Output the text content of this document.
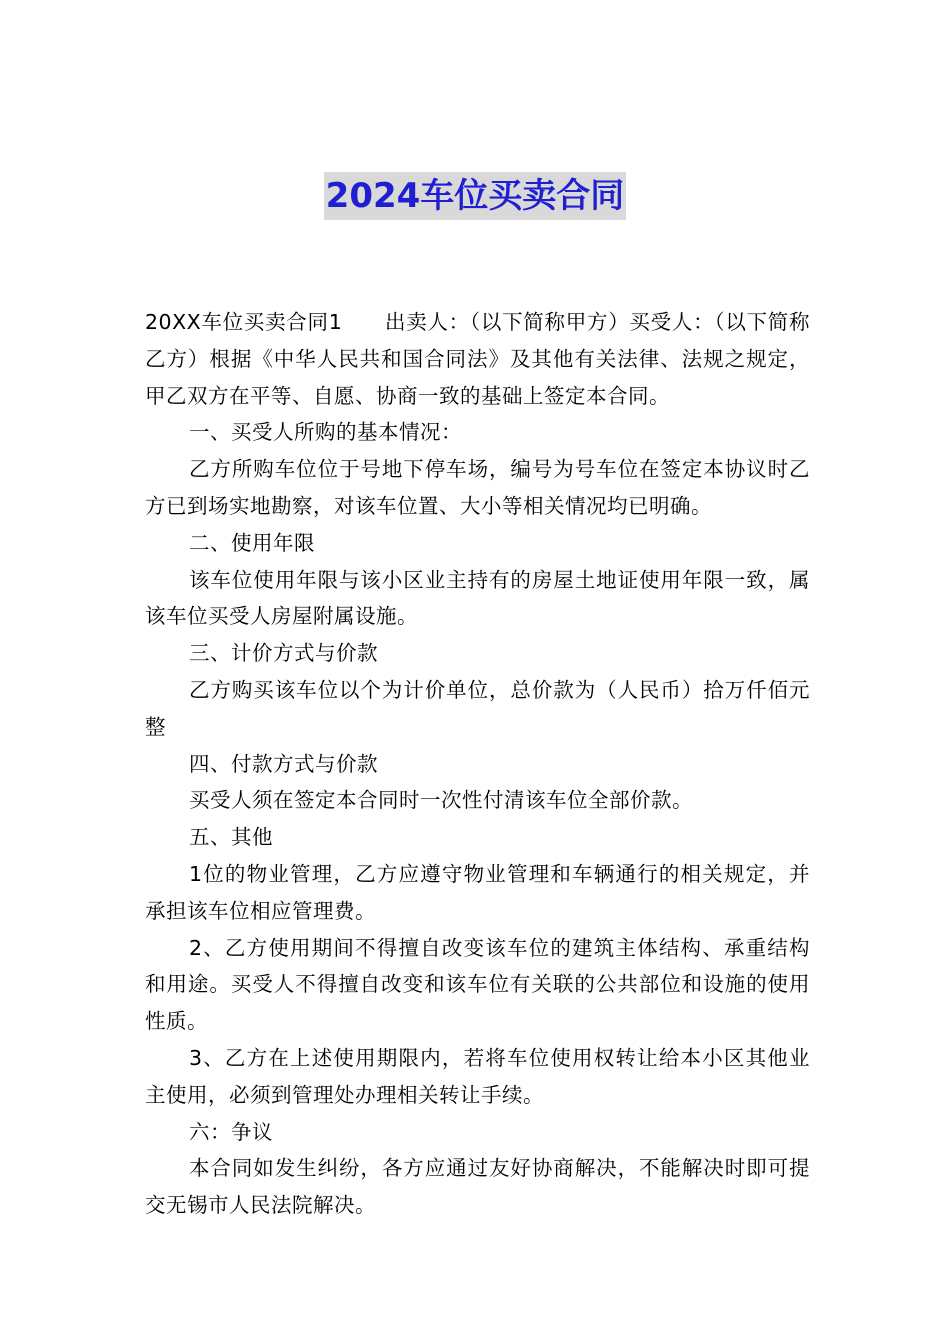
2024车位买卖合同

20XX车位买卖合同1　　出卖人：（以下简称甲方）买受人：（以下简称乙方）根据《中华人民共和国合同法》及其他有关法律、法规之规定，甲乙双方在平等、自愿、协商一致的基础上签定本合同。

一、买受人所购的基本情况：

乙方所购车位位于号地下停车场，编号为号车位在签定本协议时乙方已到场实地勘察，对该车位置、大小等相关情况均已明确。

二、使用年限

该车位使用年限与该小区业主持有的房屋土地证使用年限一致，属该车位买受人房屋附属设施。

三、计价方式与价款

乙方购买该车位以个为计价单位，总价款为（人民币）拾万仟佰元整

四、付款方式与价款

买受人须在签定本合同时一次性付清该车位全部价款。

五、其他

1位的物业管理，乙方应遵守物业管理和车辆通行的相关规定，并承担该车位相应管理费。

2、乙方使用期间不得擅自改变该车位的建筑主体结构、承重结构和用途。买受人不得擅自改变和该车位有关联的公共部位和设施的使用性质。

3、乙方在上述使用期限内，若将车位使用权转让给本小区其他业主使用，必须到管理处办理相关转让手续。

六：争议

本合同如发生纠纷，各方应通过友好协商解决，不能解决时即可提交无锡市人民法院解决。
